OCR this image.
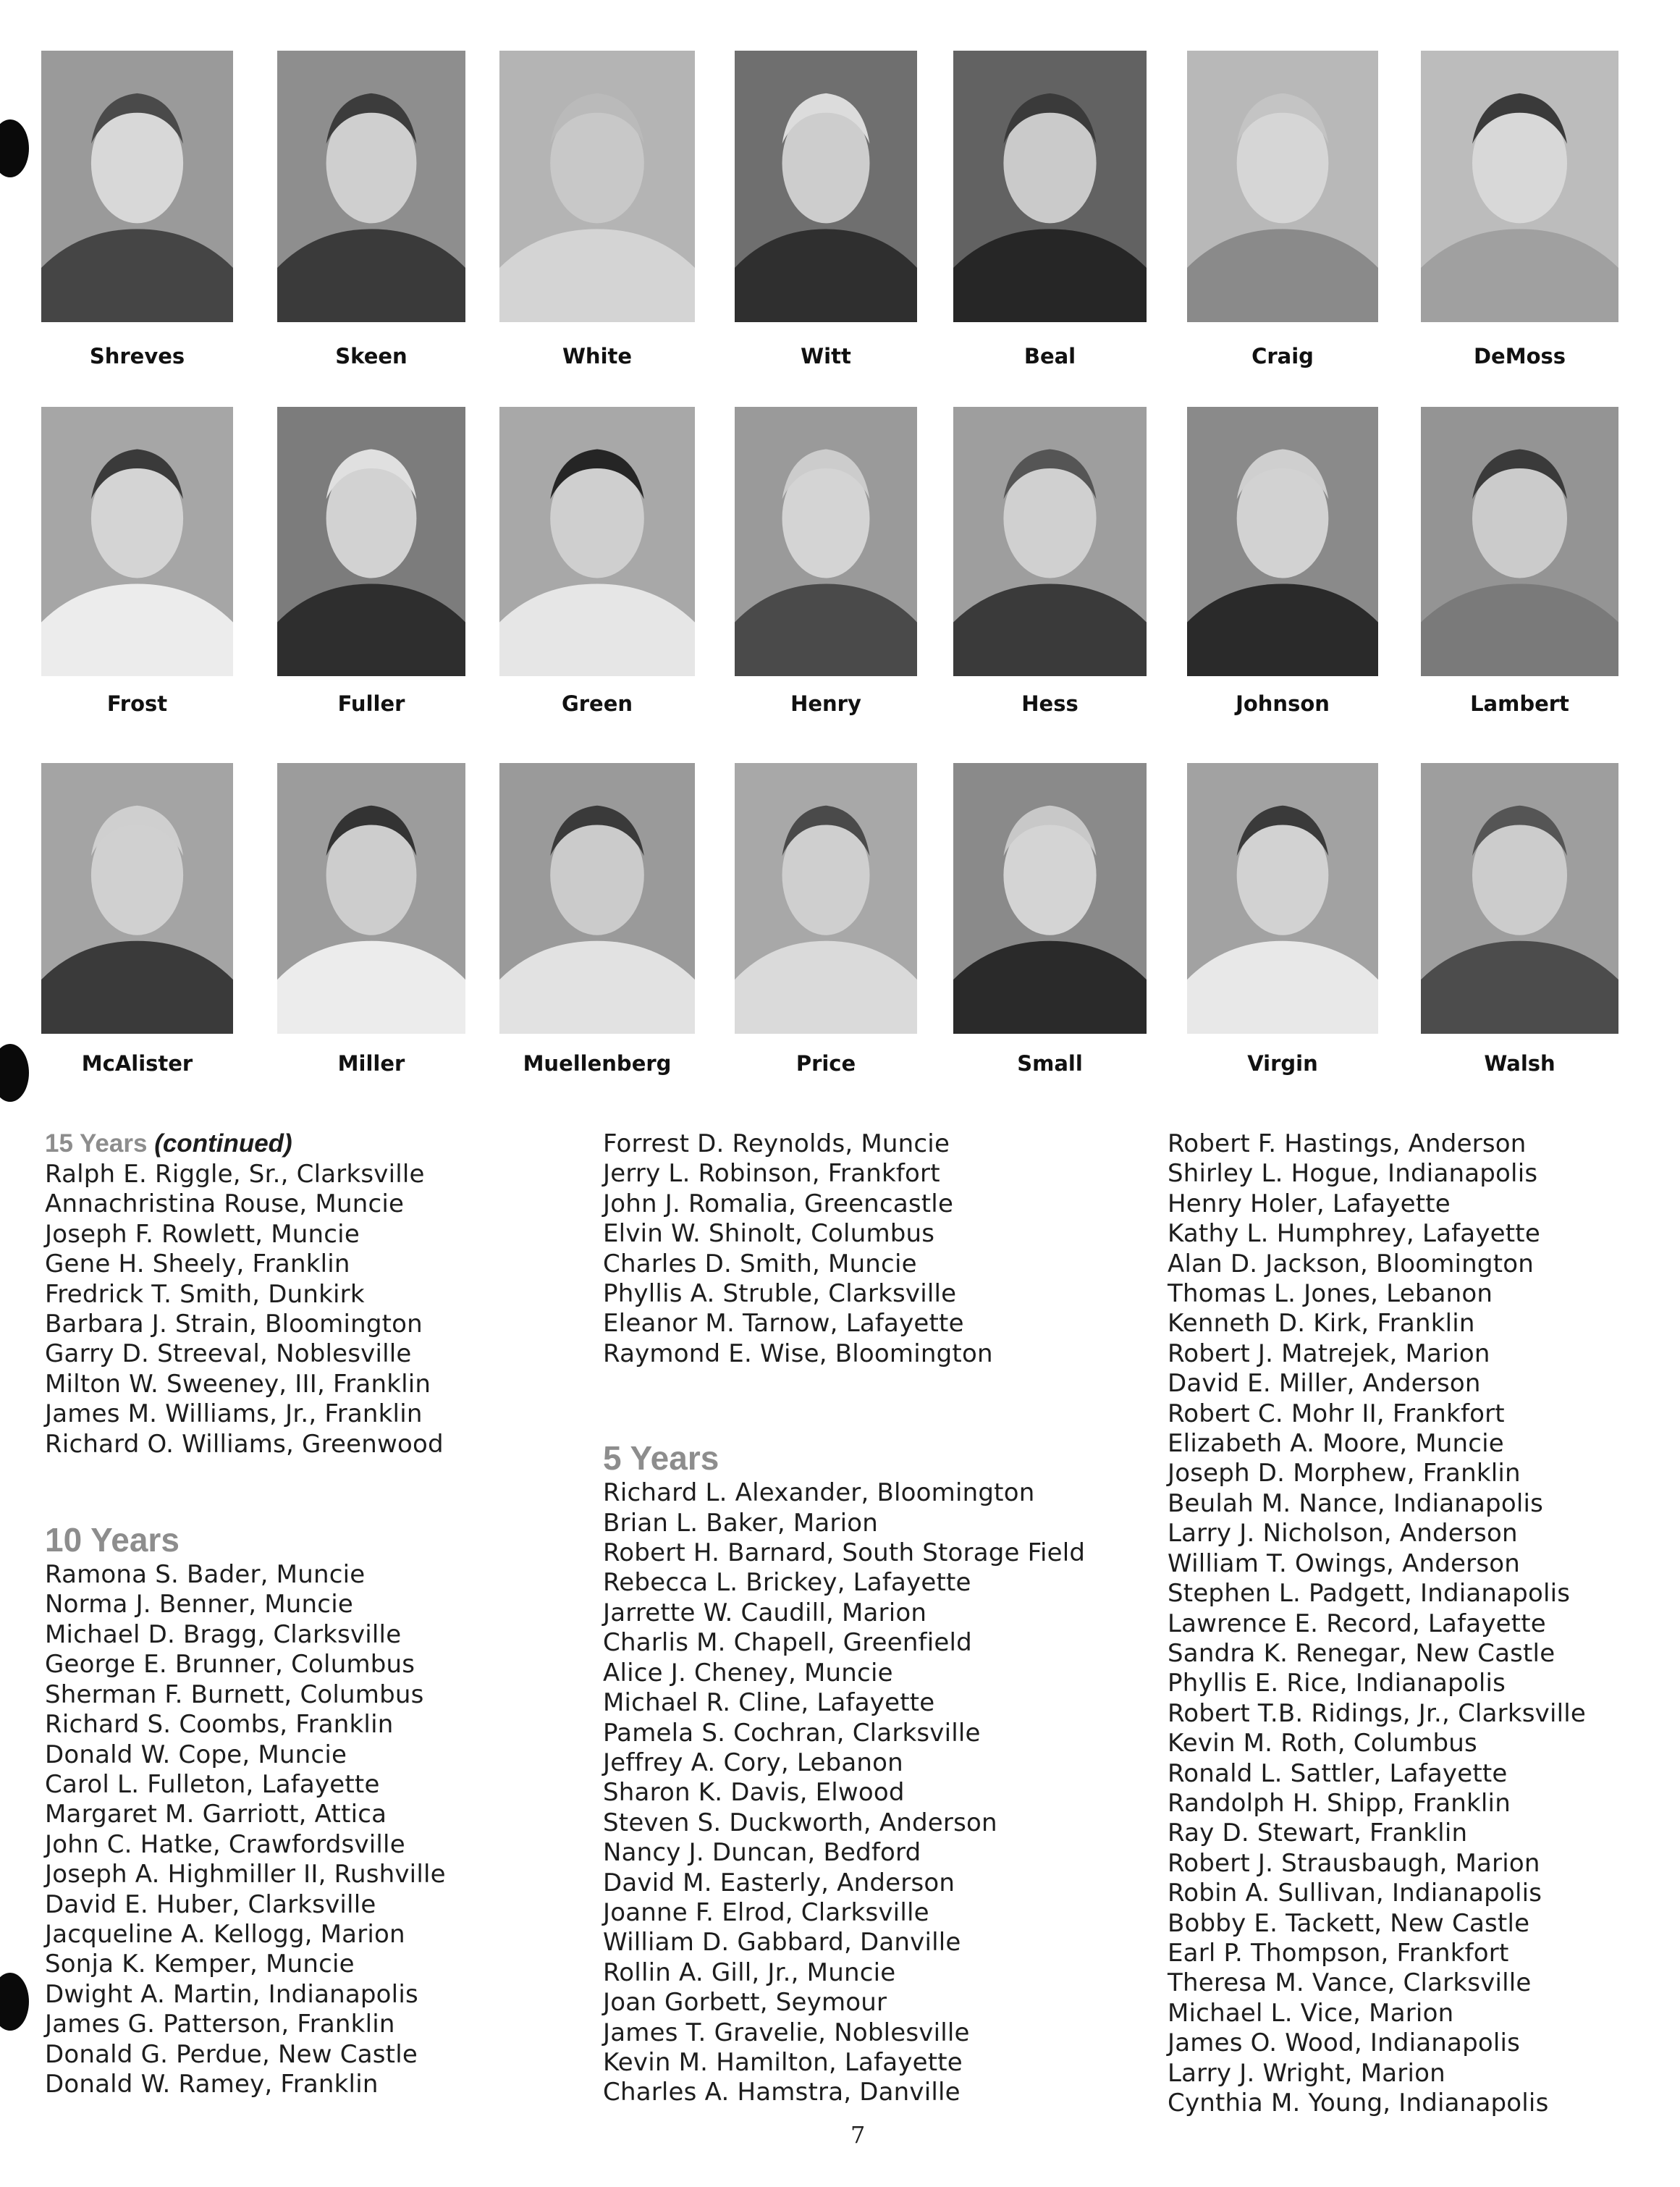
Shreves	Skeen	White	Witt	Beal	Craig	DeMoss
Frost	Fuller	Green	Henry	Hess	Johnson	Lambert
McAlister	Miller	Muellenberg	Price	Small	Virgin	Walsh
15 Years (continued)
Ralph E. Riggle, Sr., Clarksville
Annachristina Rouse, Muncie
Joseph F. Rowlett, Muncie
Gene H. Sheely, Franklin
Fredrick T. Smith, Dunkirk
Barbara J. Strain, Bloomington
Garry D. Streeval, Noblesville
Milton W. Sweeney, III, Franklin
James M. Williams, Jr., Franklin
Richard O. Williams, Greenwood
10 Years
Ramona S. Bader, Muncie
Norma J. Benner, Muncie
Michael D. Bragg, Clarksville
George E. Brunner, Columbus
Sherman F. Burnett, Columbus
Richard S. Coombs, Franklin
Donald W. Cope, Muncie
Carol L. Fulleton, Lafayette
Margaret M. Garriott, Attica
John C. Hatke, Crawfordsville
Joseph A. Highmiller II, Rushville
David E. Huber, Clarksville
Jacqueline A. Kellogg, Marion
Sonja K. Kemper, Muncie
Dwight A. Martin, Indianapolis
James G. Patterson, Franklin
Donald G. Perdue, New Castle
Donald W. Ramey, Franklin
Forrest D. Reynolds, Muncie
Jerry L. Robinson, Frankfort
John J. Romalia, Greencastle
Elvin W. Shinolt, Columbus
Charles D. Smith, Muncie
Phyllis A. Struble, Clarksville
Eleanor M. Tarnow, Lafayette
Raymond E. Wise, Bloomington
5 Years
Richard L. Alexander, Bloomington
Brian L. Baker, Marion
Robert H. Barnard, South Storage Field
Rebecca L. Brickey, Lafayette
Jarrette W. Caudill, Marion
Charlis M. Chapell, Greenfield
Alice J. Cheney, Muncie
Michael R. Cline, Lafayette
Pamela S. Cochran, Clarksville
Jeffrey A. Cory, Lebanon
Sharon K. Davis, Elwood
Steven S. Duckworth, Anderson
Nancy J. Duncan, Bedford
David M. Easterly, Anderson
Joanne F. Elrod, Clarksville
William D. Gabbard, Danville
Rollin A. Gill, Jr., Muncie
Joan Gorbett, Seymour
James T. Gravelie, Noblesville
Kevin M. Hamilton, Lafayette
Charles A. Hamstra, Danville
Robert F. Hastings, Anderson
Shirley L. Hogue, Indianapolis
Henry Holer, Lafayette
Kathy L. Humphrey, Lafayette
Alan D. Jackson, Bloomington
Thomas L. Jones, Lebanon
Kenneth D. Kirk, Franklin
Robert J. Matrejek, Marion
David E. Miller, Anderson
Robert C. Mohr II, Frankfort
Elizabeth A. Moore, Muncie
Joseph D. Morphew, Franklin
Beulah M. Nance, Indianapolis
Larry J. Nicholson, Anderson
William T. Owings, Anderson
Stephen L. Padgett, Indianapolis
Lawrence E. Record, Lafayette
Sandra K. Renegar, New Castle
Phyllis E. Rice, Indianapolis
Robert T.B. Ridings, Jr., Clarksville
Kevin M. Roth, Columbus
Ronald L. Sattler, Lafayette
Randolph H. Shipp, Franklin
Ray D. Stewart, Franklin
Robert J. Strausbaugh, Marion
Robin A. Sullivan, Indianapolis
Bobby E. Tackett, New Castle
Earl P. Thompson, Frankfort
Theresa M. Vance, Clarksville
Michael L. Vice, Marion
James O. Wood, Indianapolis
Larry J. Wright, Marion
Cynthia M. Young, Indianapolis
7
